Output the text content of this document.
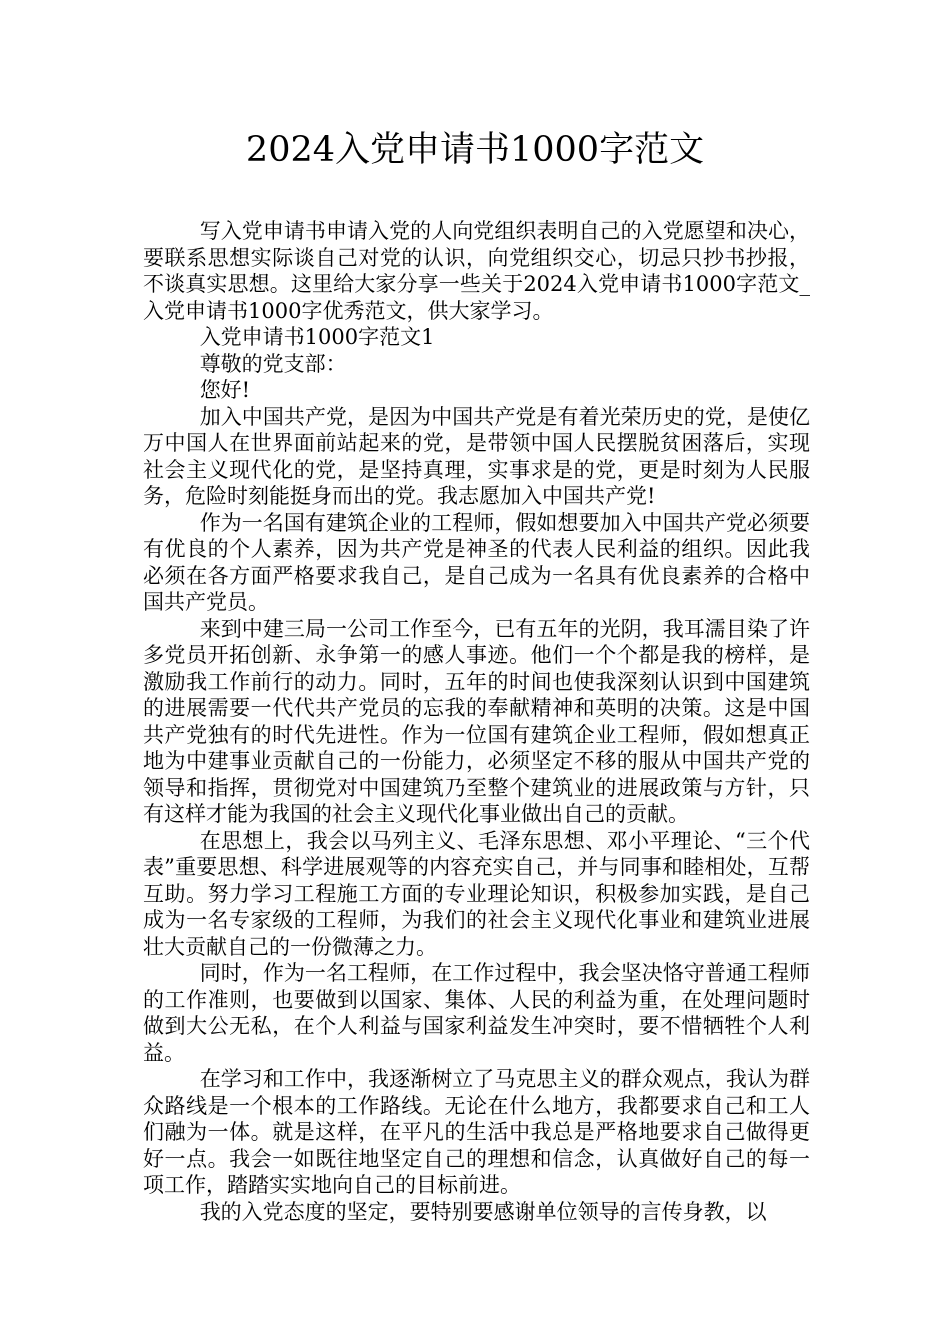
2024入党申请书1000字范文

写入党申请书申请入党的人向党组织表明自己的入党愿望和决心，要联系思想实际谈自己对党的认识，向党组织交心，切忌只抄书抄报，不谈真实思想。这里给大家分享一些关于2024入党申请书1000字范文_入党申请书1000字优秀范文，供大家学习。

入党申请书1000字范文1

尊敬的党支部：

您好!

加入中国共产党，是因为中国共产党是有着光荣历史的党，是使亿万中国人在世界面前站起来的党，是带领中国人民摆脱贫困落后，实现社会主义现代化的党，是坚持真理，实事求是的党，更是时刻为人民服务，危险时刻能挺身而出的党。我志愿加入中国共产党!

作为一名国有建筑企业的工程师，假如想要加入中国共产党必须要有优良的个人素养，因为共产党是神圣的代表人民利益的组织。因此我必须在各方面严格要求我自己，是自己成为一名具有优良素养的合格中国共产党员。

来到中建三局一公司工作至今，已有五年的光阴，我耳濡目染了许多党员开拓创新、永争第一的感人事迹。他们一个个都是我的榜样，是激励我工作前行的动力。同时，五年的时间也使我深刻认识到中国建筑的进展需要一代代共产党员的忘我的奉献精神和英明的决策。这是中国共产党独有的时代先进性。作为一位国有建筑企业工程师，假如想真正地为中建事业贡献自己的一份能力，必须坚定不移的服从中国共产党的领导和指挥，贯彻党对中国建筑乃至整个建筑业的进展政策与方针，只有这样才能为我国的社会主义现代化事业做出自己的贡献。

在思想上，我会以马列主义、毛泽东思想、邓小平理论、“三个代表”重要思想、科学进展观等的内容充实自己，并与同事和睦相处，互帮互助。努力学习工程施工方面的专业理论知识，积极参加实践，是自己成为一名专家级的工程师，为我们的社会主义现代化事业和建筑业进展壮大贡献自己的一份微薄之力。

同时，作为一名工程师，在工作过程中，我会坚决恪守普通工程师的工作准则，也要做到以国家、集体、人民的利益为重，在处理问题时做到大公无私，在个人利益与国家利益发生冲突时，要不惜牺牲个人利益。

在学习和工作中，我逐渐树立了马克思主义的群众观点，我认为群众路线是一个根本的工作路线。无论在什么地方，我都要求自己和工人们融为一体。就是这样，在平凡的生活中我总是严格地要求自己做得更好一点。我会一如既往地坚定自己的理想和信念，认真做好自己的每一项工作，踏踏实实地向自己的目标前进。

我的入党态度的坚定，要特别要感谢单位领导的言传身教，以
